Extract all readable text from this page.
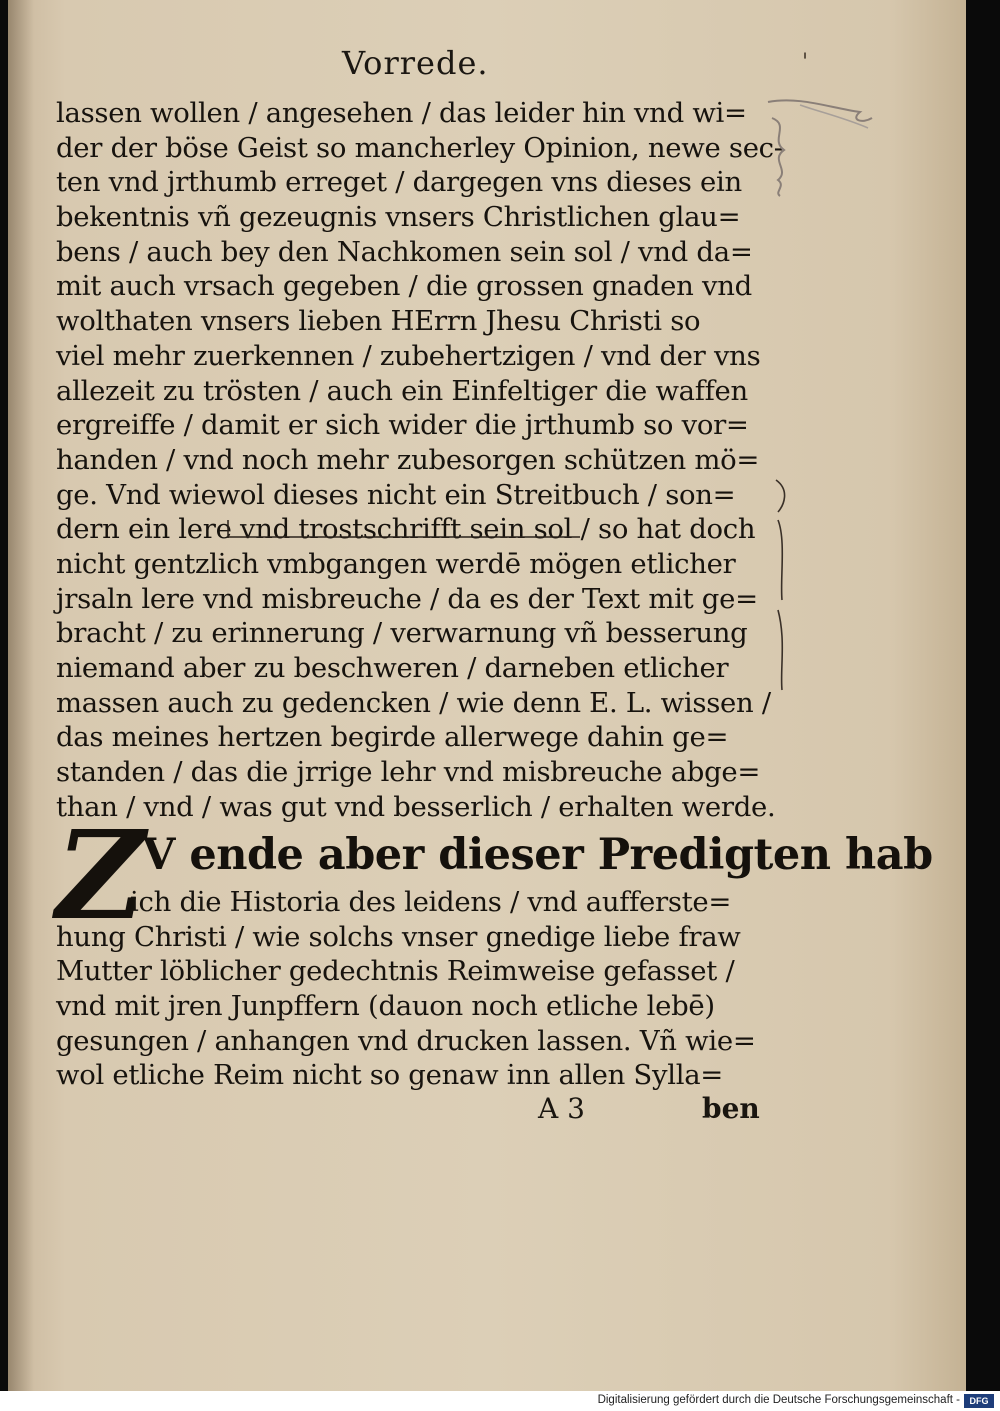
Vorrede.	'
lassen wollen / angesehen / das leider hin vnd wi=
der der böse Geist so mancherley Opinion, newe sec-
ten vnd jrthumb erreget / dargegen vns dieses ein
bekentnis vñ gezeugnis vnsers Christlichen glau=
bens / auch bey den Nachkomen sein sol / vnd da=
mit auch vrsach gegeben / die grossen gnaden vnd
wolthaten vnsers lieben HErrn Jhesu Christi so
viel mehr zuerkennen / zubehertzigen / vnd der vns
allezeit zu trösten / auch ein Einfeltiger die waffen
ergreiffe / damit er sich wider die jrthumb so vor=
handen / vnd noch mehr zubesorgen schützen mö=
ge. Vnd wiewol dieses nicht ein Streitbuch / son=
dern ein lere vnd trostschrifft sein sol / so hat doch
nicht gentzlich vmbgangen werdē mögen etlicher
jrsaln lere vnd misbreuche / da es der Text mit ge=
bracht / zu erinnerung / verwarnung vñ besserung
niemand aber zu beschweren / darneben etlicher
massen auch zu gedencken / wie denn E. L. wissen /
das meines hertzen begirde allerwege dahin ge=
standen / das die jrrige lehr vnd misbreuche abge=
than / vnd / was gut vnd besserlich / erhalten werde.
Z
V ende aber dieser Predigten hab
ich die Historia des leidens / vnd aufferste=
hung Christi / wie solchs vnser gnedige liebe fraw
Mutter löblicher gedechtnis Reimweise gefasset /
vnd mit jren Junpffern (dauon noch etliche lebē)
gesungen / anhangen vnd drucken lassen. Vñ wie=
wol etliche Reim nicht so genaw inn allen Sylla=
A 3	ben
Digitalisierung gefördert durch die Deutsche Forschungsgemeinschaft -	DFG
